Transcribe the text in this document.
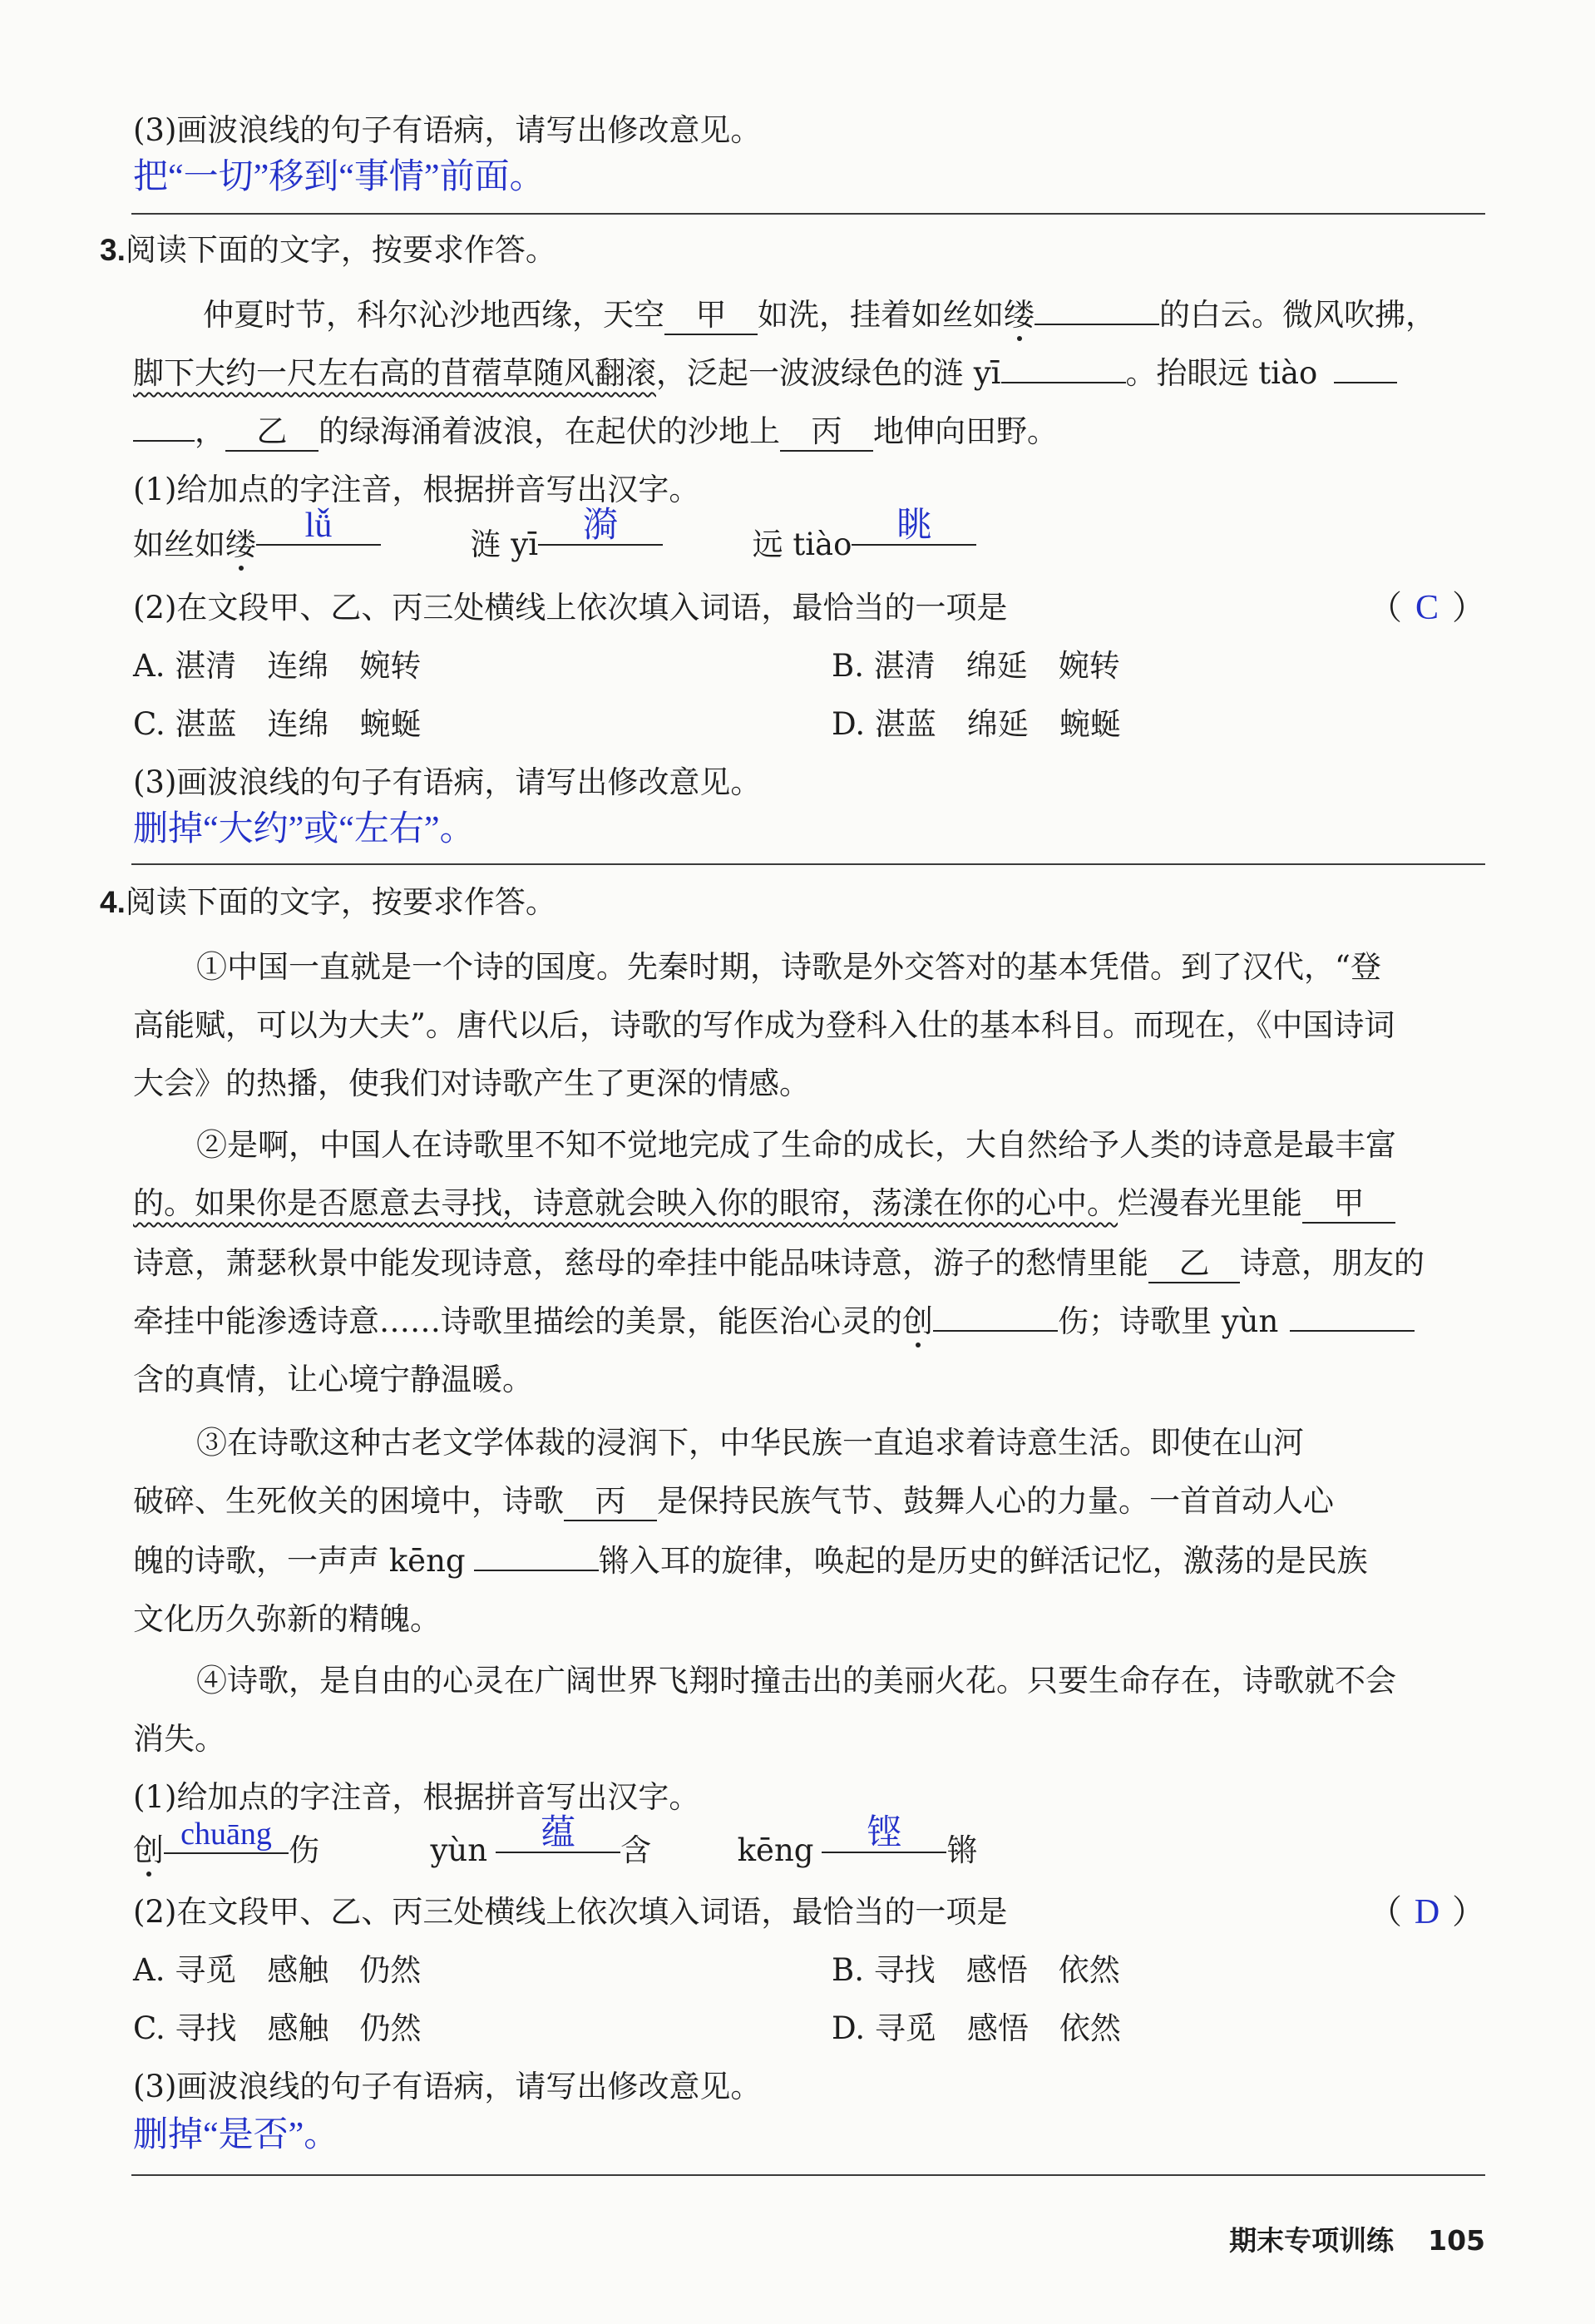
(3)画波浪线的句子有语病，请写出修改意见。
把“一切”移到“事情”前面。
3.阅读下面的文字，按要求作答。
仲夏时节，科尔沁沙地西缘，天空 甲 如洗，挂着如丝如缕	的白云。微风吹拂，
脚下大约一尺左右高的苜蓿草随风翻滚，泛起一波波绿色的涟 yī	。抬眼远 tiào
， 乙 的绿海涌着波浪，在起伏的沙地上 丙 地伸向田野。
(1)给加点的字注音，根据拼音写出汉字。
如丝如缕 lǚ	涟 yī 漪	远 tiào 眺
(2)在文段甲、乙、丙三处横线上依次填入词语，最恰当的一项是	（ C ）
A. 湛清　连绵　婉转	B. 湛清　绵延　婉转
C. 湛蓝　连绵　蜿蜒	D. 湛蓝　绵延　蜿蜒
(3)画波浪线的句子有语病，请写出修改意见。
删掉“大约”或“左右”。
4.阅读下面的文字，按要求作答。
①中国一直就是一个诗的国度。先秦时期，诗歌是外交答对的基本凭借。到了汉代，“登
高能赋，可以为大夫”。唐代以后，诗歌的写作成为登科入仕的基本科目。而现在，《中国诗词
大会》的热播，使我们对诗歌产生了更深的情感。
②是啊，中国人在诗歌里不知不觉地完成了生命的成长，大自然给予人类的诗意是最丰富
的。如果你是否愿意去寻找，诗意就会映入你的眼帘，荡漾在你的心中。烂漫春光里能 甲
诗意，萧瑟秋景中能发现诗意，慈母的牵挂中能品味诗意，游子的愁情里能 乙 诗意，朋友的
牵挂中能渗透诗意……诗歌里描绘的美景，能医治心灵的创	伤；诗歌里 yùn
含的真情，让心境宁静温暖。
③在诗歌这种古老文学体裁的浸润下，中华民族一直追求着诗意生活。即使在山河
破碎、生死攸关的困境中，诗歌 丙 是保持民族气节、鼓舞人心的力量。一首首动人心
魄的诗歌，一声声 kēng	锵入耳的旋律，唤起的是历史的鲜活记忆，激荡的是民族
文化历久弥新的精魄。
④诗歌，是自由的心灵在广阔世界飞翔时撞击出的美丽火花。只要生命存在，诗歌就不会
消失。
(1)给加点的字注音，根据拼音写出汉字。
创 chuāng 伤	yùn 蕴 含	kēng 铿 锵
(2)在文段甲、乙、丙三处横线上依次填入词语，最恰当的一项是	（ D ）
A. 寻觅　感触　仍然	B. 寻找　感悟　依然
C. 寻找　感触　仍然	D. 寻觅　感悟　依然
(3)画波浪线的句子有语病，请写出修改意见。
删掉“是否”。
期末专项训练 105
